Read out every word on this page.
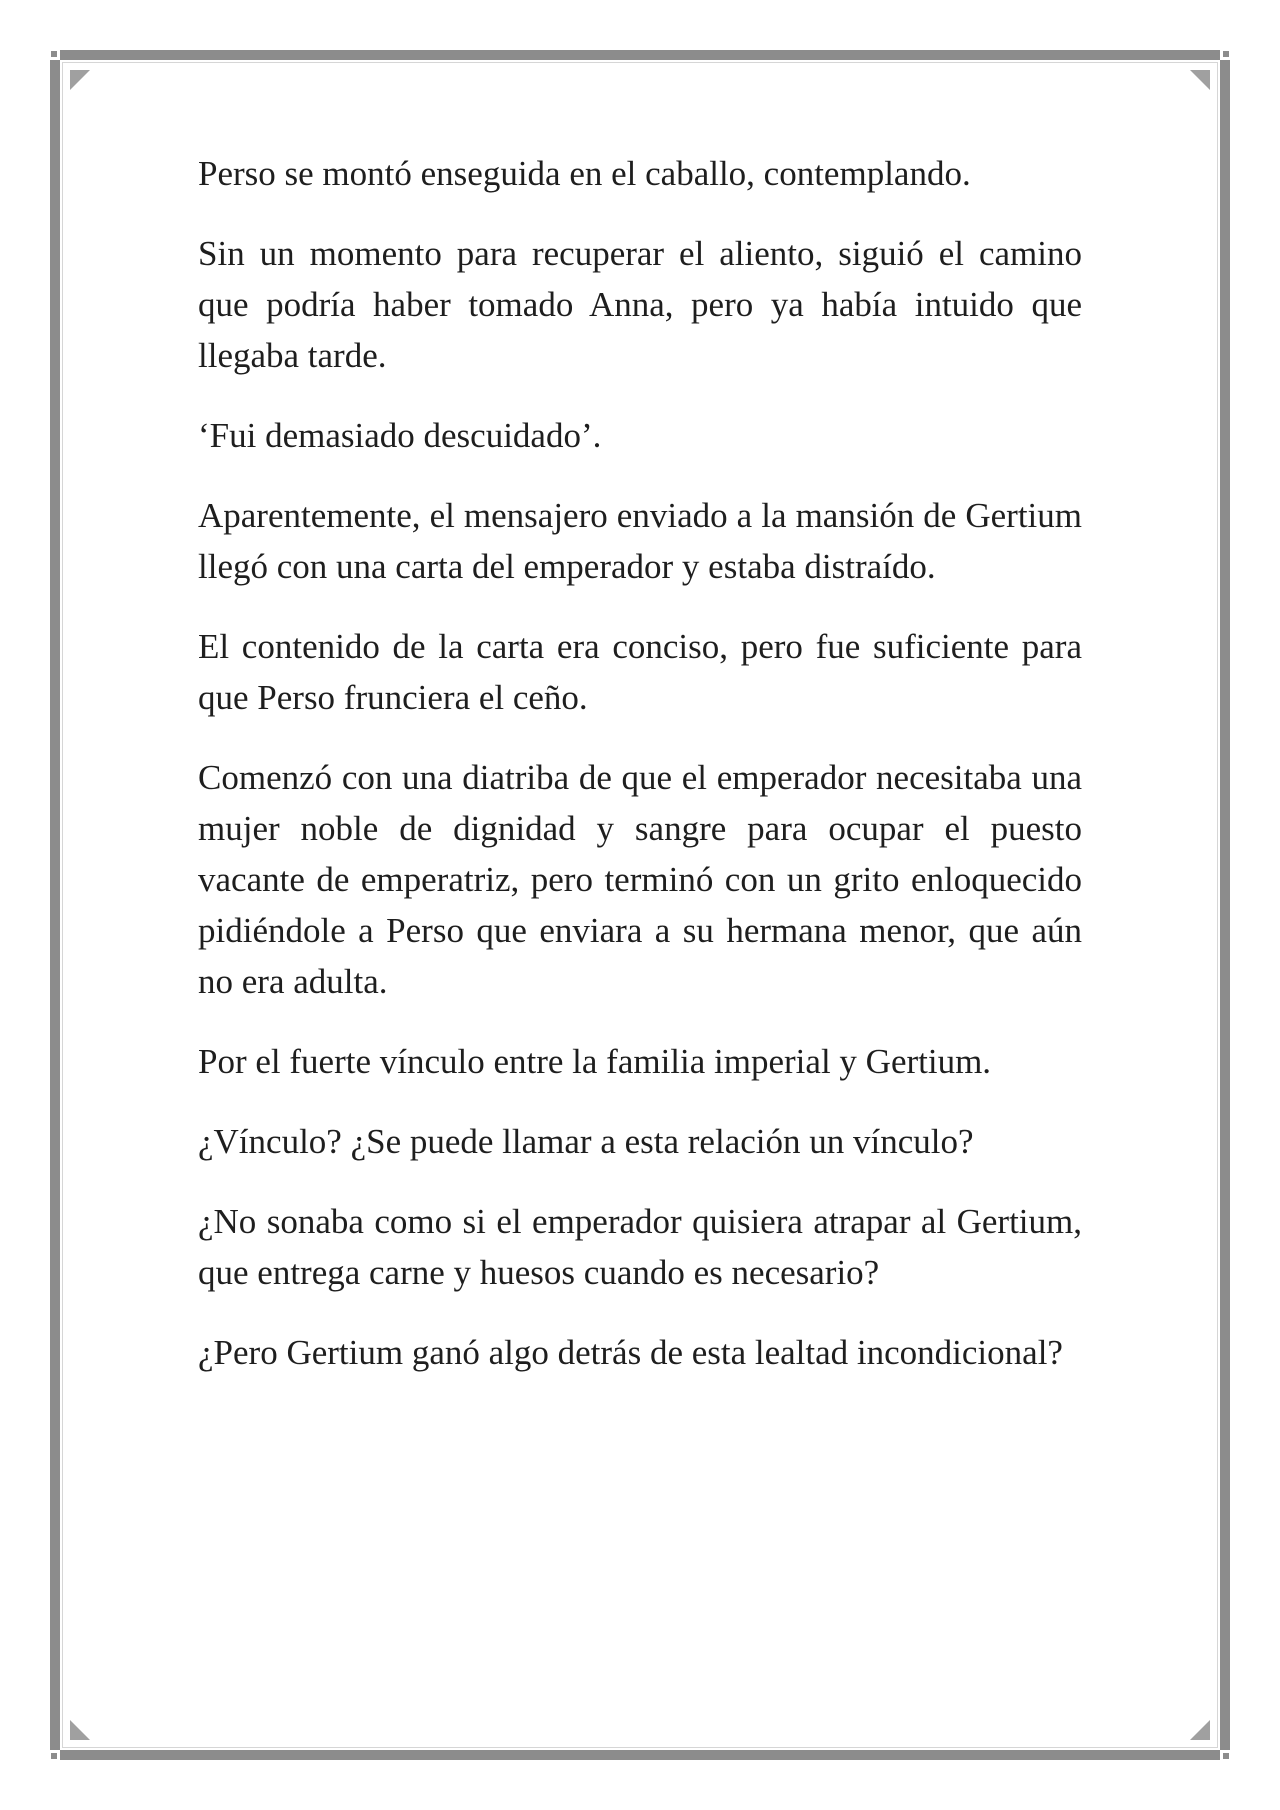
Perso se montó enseguida en el caballo, contemplando.

Sin un momento para recuperar el aliento, siguió el camino que podría haber tomado Anna, pero ya había intuido que llegaba tarde.

‘Fui demasiado descuidado’.

Aparentemente, el mensajero enviado a la mansión de Gertium llegó con una carta del emperador y estaba distraído.

El contenido de la carta era conciso, pero fue suficiente para que Perso frunciera el ceño.

Comenzó con una diatriba de que el emperador necesitaba una mujer noble de dignidad y sangre para ocupar el puesto vacante de emperatriz, pero terminó con un grito enloquecido pidiéndole a Perso que enviara a su hermana menor, que aún no era adulta.

Por el fuerte vínculo entre la familia imperial y Gertium.

¿Vínculo? ¿Se puede llamar a esta relación un vínculo?

¿No sonaba como si el emperador quisiera atrapar al Gertium, que entrega carne y huesos cuando es necesario?

¿Pero Gertium ganó algo detrás de esta lealtad incondicional?
